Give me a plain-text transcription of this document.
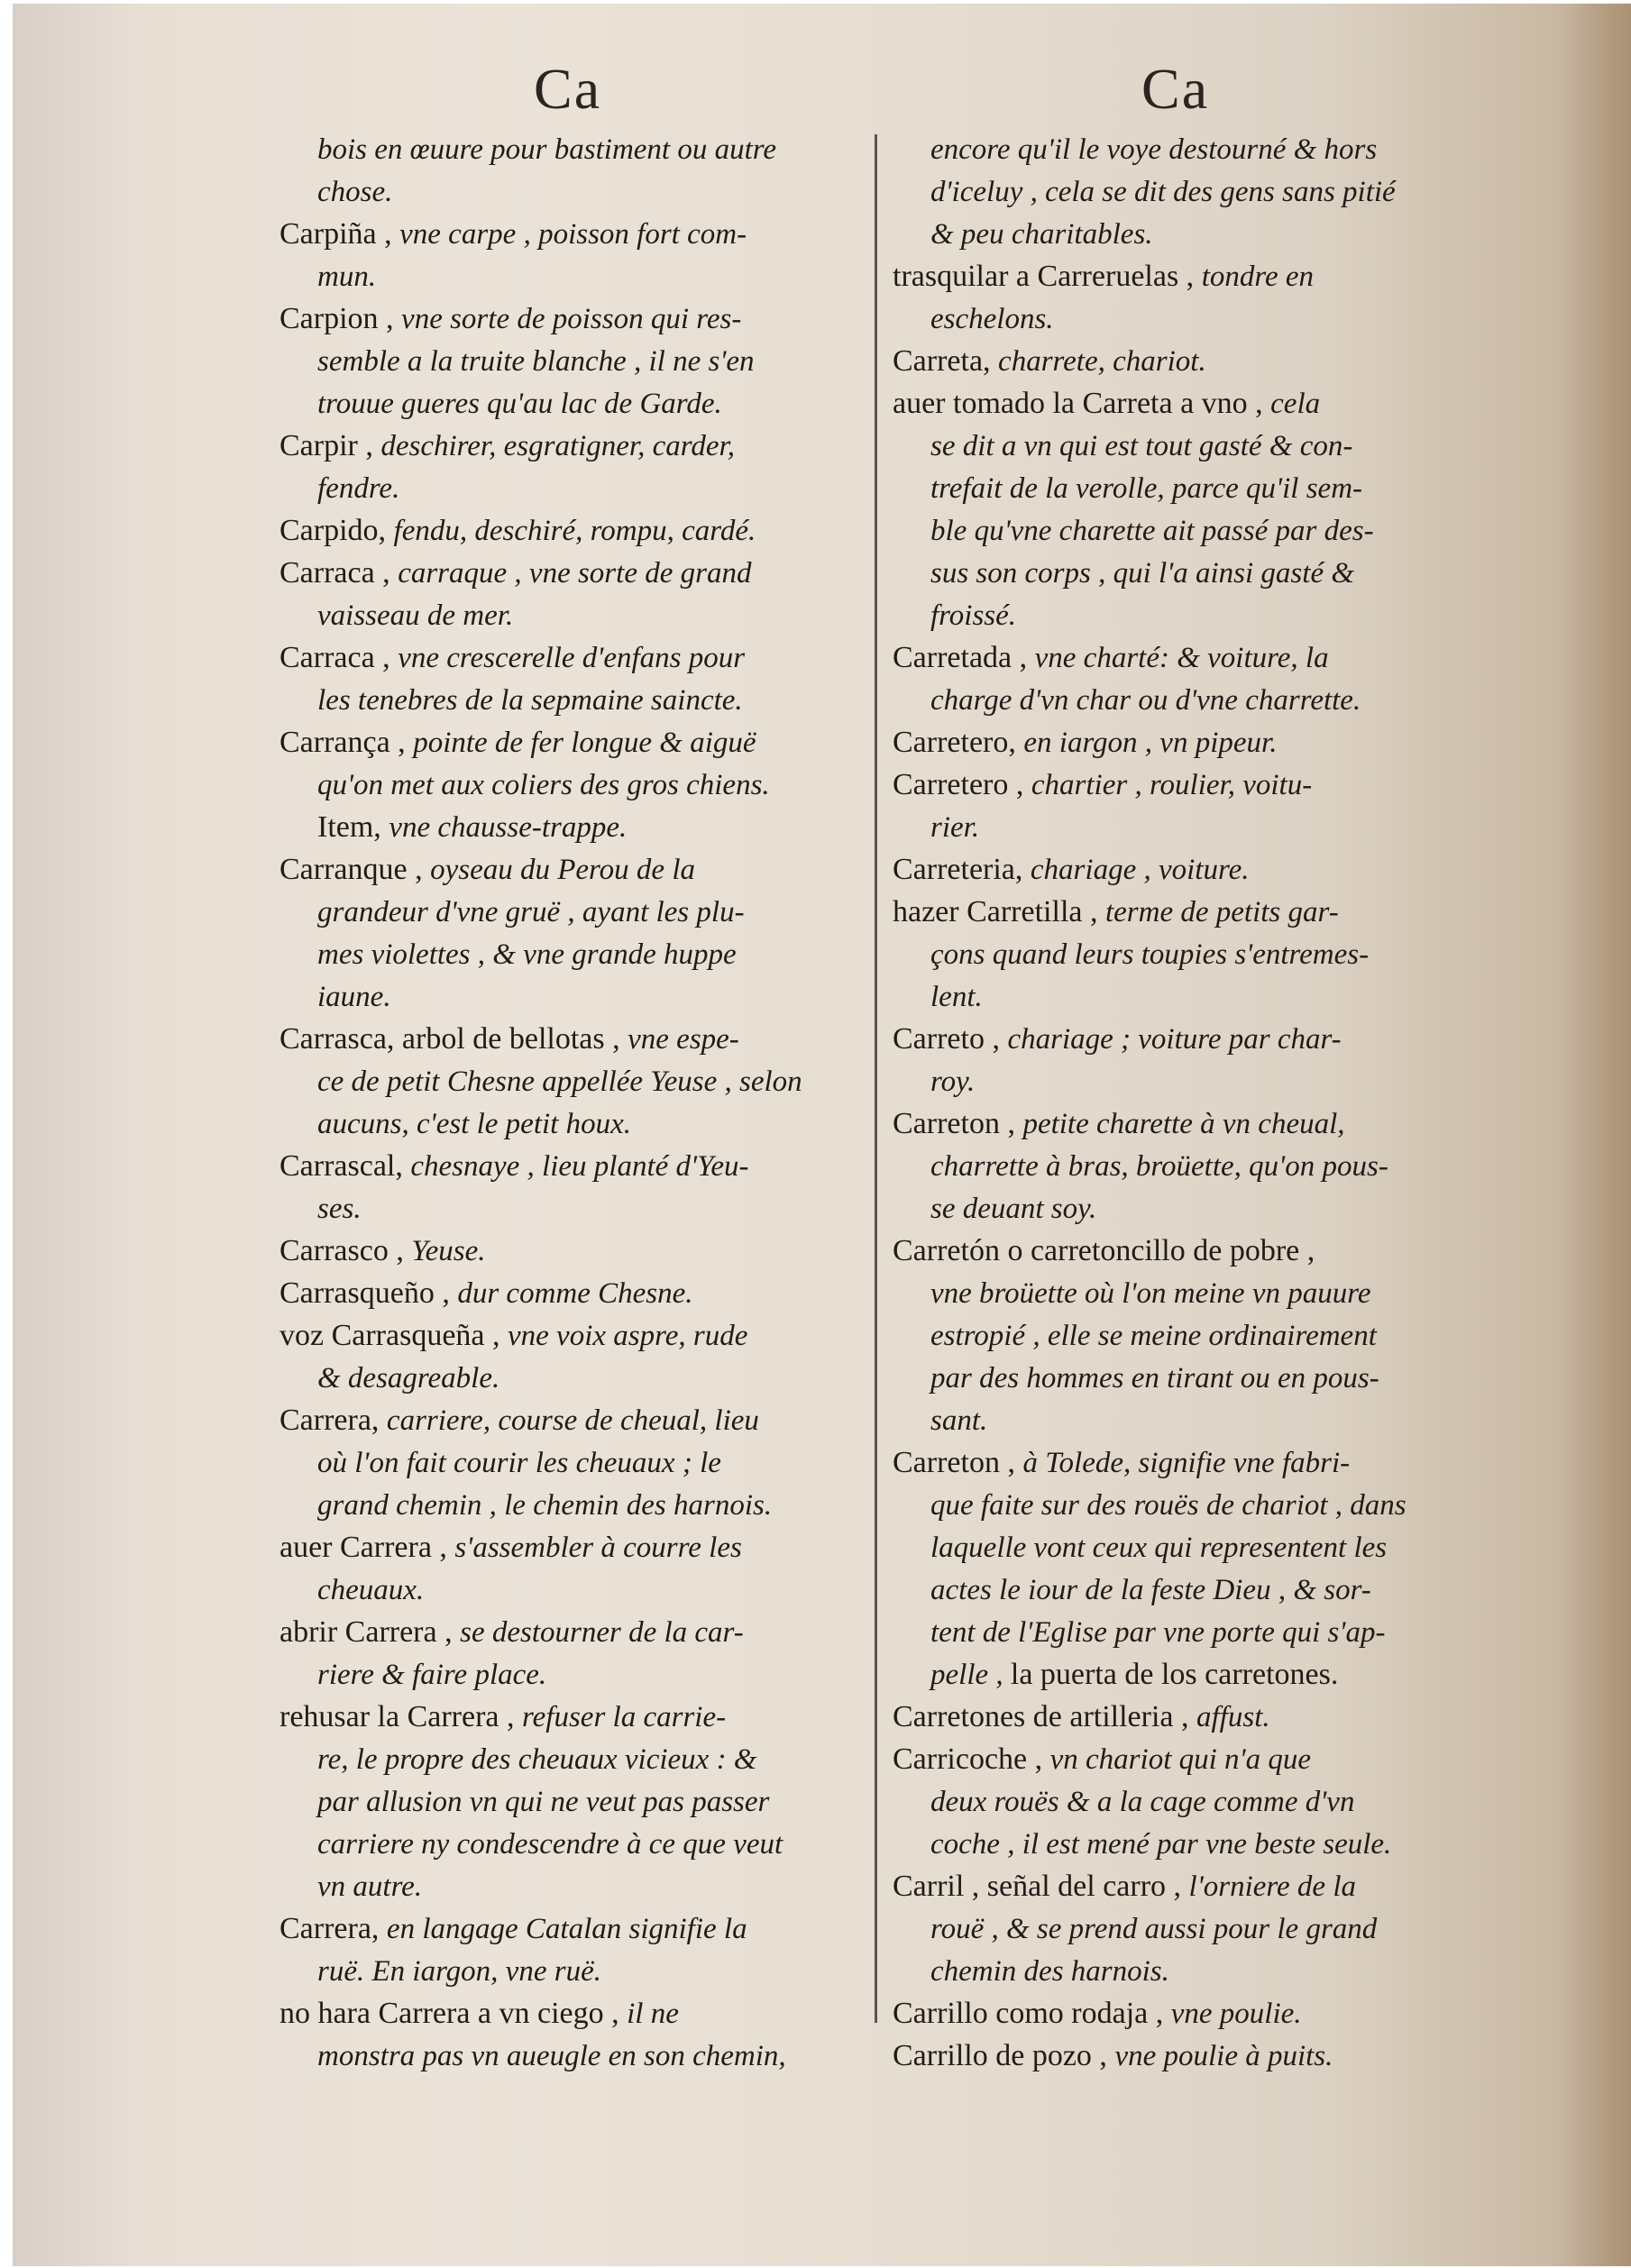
Ca	Ca
bois en œuure pour bastiment ou autre
chose.
Carpiña , vne carpe , poisson fort com-
mun.
Carpion , vne sorte de poisson qui res-
semble a la truite blanche , il ne s'en
trouue gueres qu'au lac de Garde.
Carpir , deschirer, esgratigner, carder,
fendre.
Carpido, fendu, deschiré, rompu, cardé.
Carraca , carraque , vne sorte de grand
vaisseau de mer.
Carraca , vne crescerelle d'enfans pour
les tenebres de la sepmaine saincte.
Carrança , pointe de fer longue & aiguë
qu'on met aux coliers des gros chiens.
Item, vne chausse-trappe.
Carranque , oyseau du Perou de la
grandeur d'vne gruë , ayant les plu-
mes violettes , & vne grande huppe
iaune.
Carrasca, arbol de bellotas , vne espe-
ce de petit Chesne appellée Yeuse , selon
aucuns, c'est le petit houx.
Carrascal, chesnaye , lieu planté d'Yeu-
ses.
Carrasco , Yeuse.
Carrasqueño , dur comme Chesne.
voz Carrasqueña , vne voix aspre, rude
& desagreable.
Carrera, carriere, course de cheual, lieu
où l'on fait courir les cheuaux ; le
grand chemin , le chemin des harnois.
auer Carrera , s'assembler à courre les
cheuaux.
abrir Carrera , se destourner de la car-
riere & faire place.
rehusar la Carrera , refuser la carrie-
re, le propre des cheuaux vicieux : &
par allusion vn qui ne veut pas passer
carriere ny condescendre à ce que veut
vn autre.
Carrera, en langage Catalan signifie la
ruë. En iargon, vne ruë.
no hara Carrera a vn ciego , il ne
monstra pas vn aueugle en son chemin,
encore qu'il le voye destourné & hors
d'iceluy , cela se dit des gens sans pitié
& peu charitables.
trasquilar a Carreruelas , tondre en
eschelons.
Carreta, charrete, chariot.
auer tomado la Carreta a vno , cela
se dit a vn qui est tout gasté & con-
trefait de la verolle, parce qu'il sem-
ble qu'vne charette ait passé par des-
sus son corps , qui l'a ainsi gasté &
froissé.
Carretada , vne charté: & voiture, la
charge d'vn char ou d'vne charrette.
Carretero, en iargon , vn pipeur.
Carretero , chartier , roulier, voitu-
rier.
Carreteria, chariage , voiture.
hazer Carretilla , terme de petits gar-
çons quand leurs toupies s'entremes-
lent.
Carreto , chariage ; voiture par char-
roy.
Carreton , petite charette à vn cheual,
charrette à bras, broüette, qu'on pous-
se deuant soy.
Carretón o carretoncillo de pobre ,
vne broüette où l'on meine vn pauure
estropié , elle se meine ordinairement
par des hommes en tirant ou en pous-
sant.
Carreton , à Tolede, signifie vne fabri-
que faite sur des rouës de chariot , dans
laquelle vont ceux qui representent les
actes le iour de la feste Dieu , & sor-
tent de l'Eglise par vne porte qui s'ap-
pelle , la puerta de los carretones.
Carretones de artilleria , affust.
Carricoche , vn chariot qui n'a que
deux rouës & a la cage comme d'vn
coche , il est mené par vne beste seule.
Carril , señal del carro , l'orniere de la
rouë , & se prend aussi pour le grand
chemin des harnois.
Carrillo como rodaja , vne poulie.
Carrillo de pozo , vne poulie à puits.
